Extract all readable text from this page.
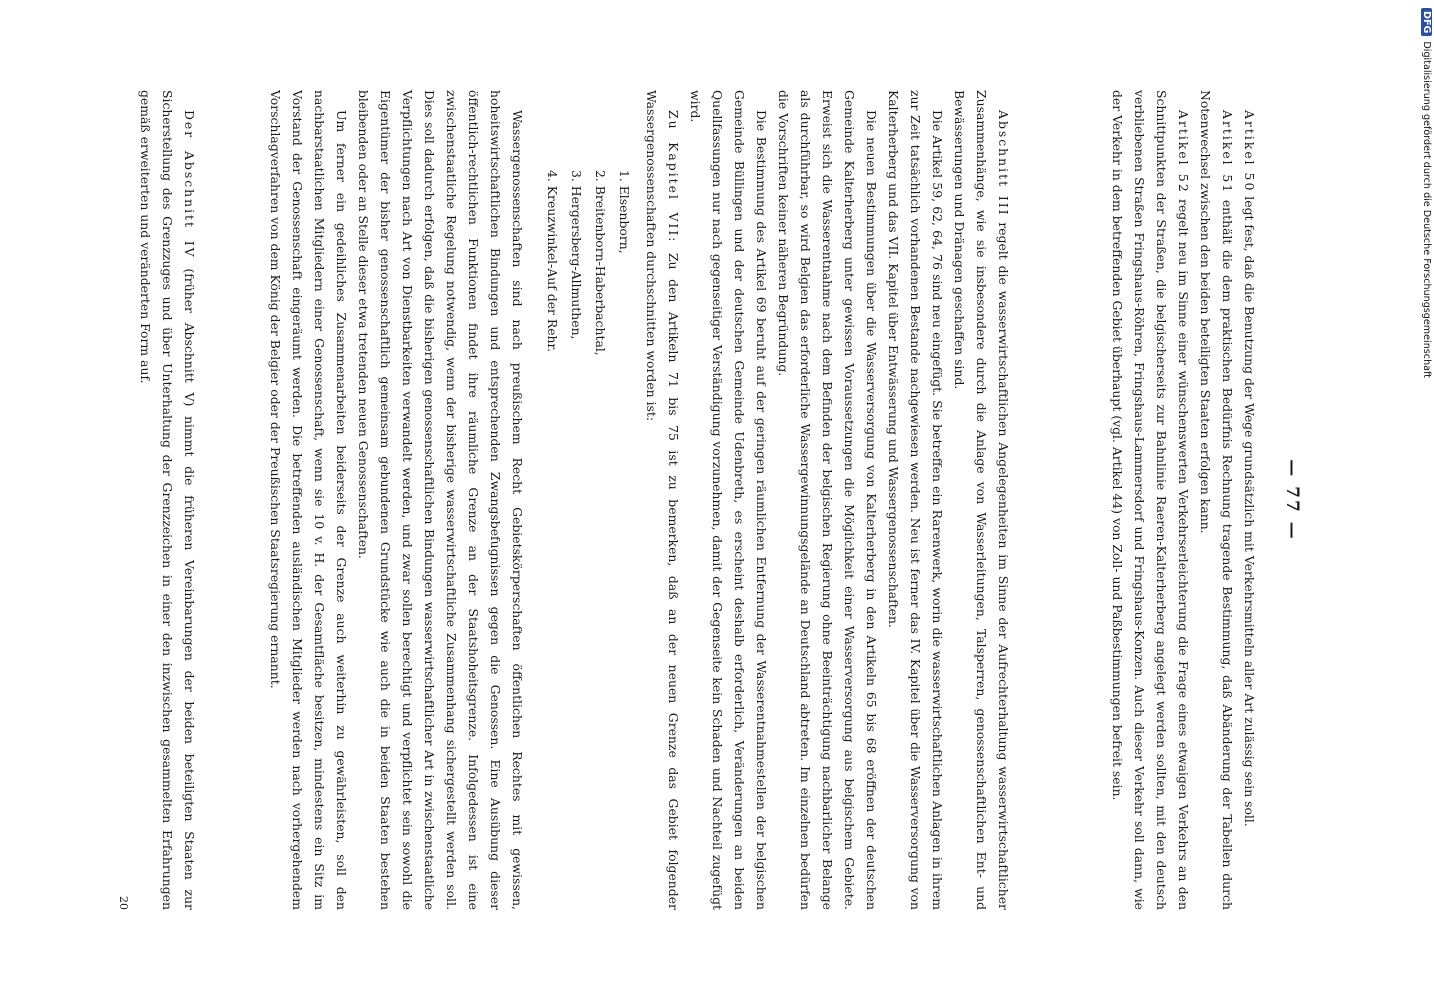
— 77 —

Artikel 50 legt fest, daß die Benutzung der Wege grundsätzlich mit Verkehrsmitteln aller Art zulässig sein soll.

Artikel 51 enthält die dem praktischen Bedürfnis Rechnung tragende Bestimmung, daß Abänderung der Tabellen durch Notenwechsel zwischen den beiden beteiligten Staaten erfolgen kann.

Artikel 52 regelt neu im Sinne einer wünschenswerten Verkehrserleichterung die Frage eines etwaigen Verkehrs an den Schnittpunkten der Straßen, die belgischerseits zur Bahnlinie Raeren-Kalterherberg angelegt werden sollten, mit den deutsch verbliebenen Straßen Fringshaus-Röhren, Fringshaus-Lammersdorf und Fringshaus-Konzen. Auch dieser Verkehr soll dann, wie der Verkehr in dem betreffenden Gebiet überhaupt (vgl. Artikel 44) von Zoll- und Paßbestimmungen befreit sein.

Abschnitt III regelt die wasserwirtschaftlichen Angelegenheiten im Sinne der Aufrechterhaltung wasserwirtschaftlicher Zusammenhänge, wie sie insbesondere durch die Anlage von Wasserleitungen, Talsperren, genossenschaftlichen Ent- und Bewässerungen und Dränagen geschaffen sind.

Die Artikel 59, 62, 64, 76 sind neu eingefügt. Sie betreffen ein Rarenwerk, worin die wasserwirtschaftlichen Anlagen in ihrem zur Zeit tatsächlich vorhandenen Bestande nachgewiesen werden. Neu ist ferner das IV. Kapitel über die Wasserversorgung von Kalterherberg und das VII. Kapitel über Entwässerung und Wassergenossenschaften.

Die neuen Bestimmungen über die Wasserversorgung von Kalterherberg in den Artikeln 65 bis 68 eröffnen der deutschen Gemeinde Kalterherberg unter gewissen Voraussetzungen die Möglichkeit einer Wasserversorgung aus belgischem Gebiete. Erweist sich die Wasserentnahme nach dem Befinden der belgischen Regierung ohne Beeinträchtigung nachbarlicher Belange als durchführbar, so wird Belgien das erforderliche Wassergewinnungsgelände an Deutschland abtreten. Im einzelnen bedürfen die Vorschriften keiner näheren Begründung.

Die Bestimmung des Artikel 69 beruht auf der geringen räumlichen Entfernung der Wasserentnahmestellen der belgischen Gemeinde Büllingen und der deutschen Gemeinde Udenbreth, es erscheint deshalb erforderlich, Veränderungen an beiden Quellfassungen nur nach gegenseitiger Verständigung vorzunehmen, damit der Gegenseite kein Schaden und Nachteil zugefügt wird.

Zu Kapitel VII: Zu den Artikeln 71 bis 75 ist zu bemerken, daß an der neuen Grenze das Gebiet folgender Wassergenossenschaften durchschnitten worden ist:

1. Elsenborn,
2. Breitenborn-Haberbachtal,
3. Hergersberg-Allmuthen,
4. Kreuzwinkel-Auf der Rehr.

Wassergenossenschaften sind nach preußischem Recht Gebietskörperschaften öffentlichen Rechtes mit gewissen, hoheitswirtschaftlichen Bindungen und entsprechenden Zwangsbefugnissen gegen die Genossen. Eine Ausübung dieser öffentlich-rechtlichen Funktionen findet ihre räumliche Grenze an der Staatshoheitsgrenze. Infolgedessen ist eine zwischenstaatliche Regelung notwendig, wenn der bisherige wasserwirtschaftliche Zusammenhang sichergestellt werden soll. Dies soll dadurch erfolgen, daß die bisherigen genossenschaftlichen Bindungen wasserwirtschaftlicher Art in zwischenstaatliche Verpflichtungen nach Art von Dienstbarkeiten verwandelt werden, und zwar sollen berechtigt und verpflichtet sein sowohl die Eigentümer der bisher genossenschaftlich gemeinsam gebundenen Grundstücke wie auch die in beiden Staaten bestehen bleibenden oder an Stelle dieser etwa tretenden neuen Genossenschaften.

Um ferner ein gedeihliches Zusammenarbeiten beiderseits der Grenze auch weiterhin zu gewährleisten, soll den nachbarstaatlichen Mitgliedern einer Genossenschaft, wenn sie 10 v. H. der Gesamtfläche besitzen, mindestens ein Sitz im Vorstand der Genossenschaft eingeräumt werden. Die betreffenden ausländischen Mitglieder werden nach vorhergehendem Vorschlagverfahren von dem König der Belgier oder der Preußischen Staatsregierung ernannt.

Der Abschnitt IV (früher Abschnitt V) nimmt die früheren Vereinbarungen der beiden beteiligten Staaten zur Sicherstellung des Grenzzuges und über Unterhaltung der Grenzzeichen in einer den inzwischen gesammelten Erfahrungen gemäß erweiterten und veränderten Form auf.

20
DFGDigitalisierung gefördert durch die Deutsche Forschungsgemeinschaft
